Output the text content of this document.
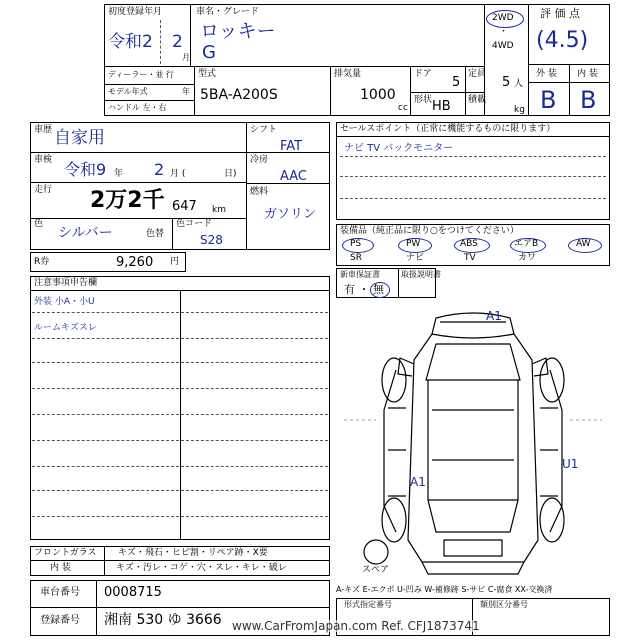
初度登録年月
令和2 2
月
車名・グレード
ロッキー
G
2WD
・
4WD
評 価 点
(4.5)
外 装 内 装
B B
ディーラー・並 行
モデル年式	年
ハンドル 左・右
型式
5BA-A200S
排気量
1000
cc
ドア
5
定員
5 人
形状 HB 積載
kg
車歴 自家用
車検 令和9 年 2 月 (	日)
走行 2万2千 647 km
色
シルバー	色替
色コード
S28
シフト
FAT
冷房
AAC
燃料
ガソリン
セールスポイント（正常に機能するものに限ります）
ナビ TV バックモニター
装備品（純正品に限り○をつけてください）
PS	PW	ABS	エアB	AW
SR	ナビ	TV	カワ
新車保証書	取扱説明書
有 ・ 無
R券	9,260 円
注意事項申告欄
外装 小A・小U
ルームキズスレ
フロントガラス キズ・飛石・ヒビ割・リペア跡・X要
内 装	キズ・汚レ・コゲ・穴・スレ・キレ・破レ
車台番号 0008715
登録番号 湘南 530 ゆ 3666
A-キズ E-エクボ U-凹み W-補修跡 S-サビ C-腐食 XX-交換済
形式指定番号	類別区分番号
www.CarFromJapan.com Ref. CFJ1873741
A1
A1
U1
スペア
